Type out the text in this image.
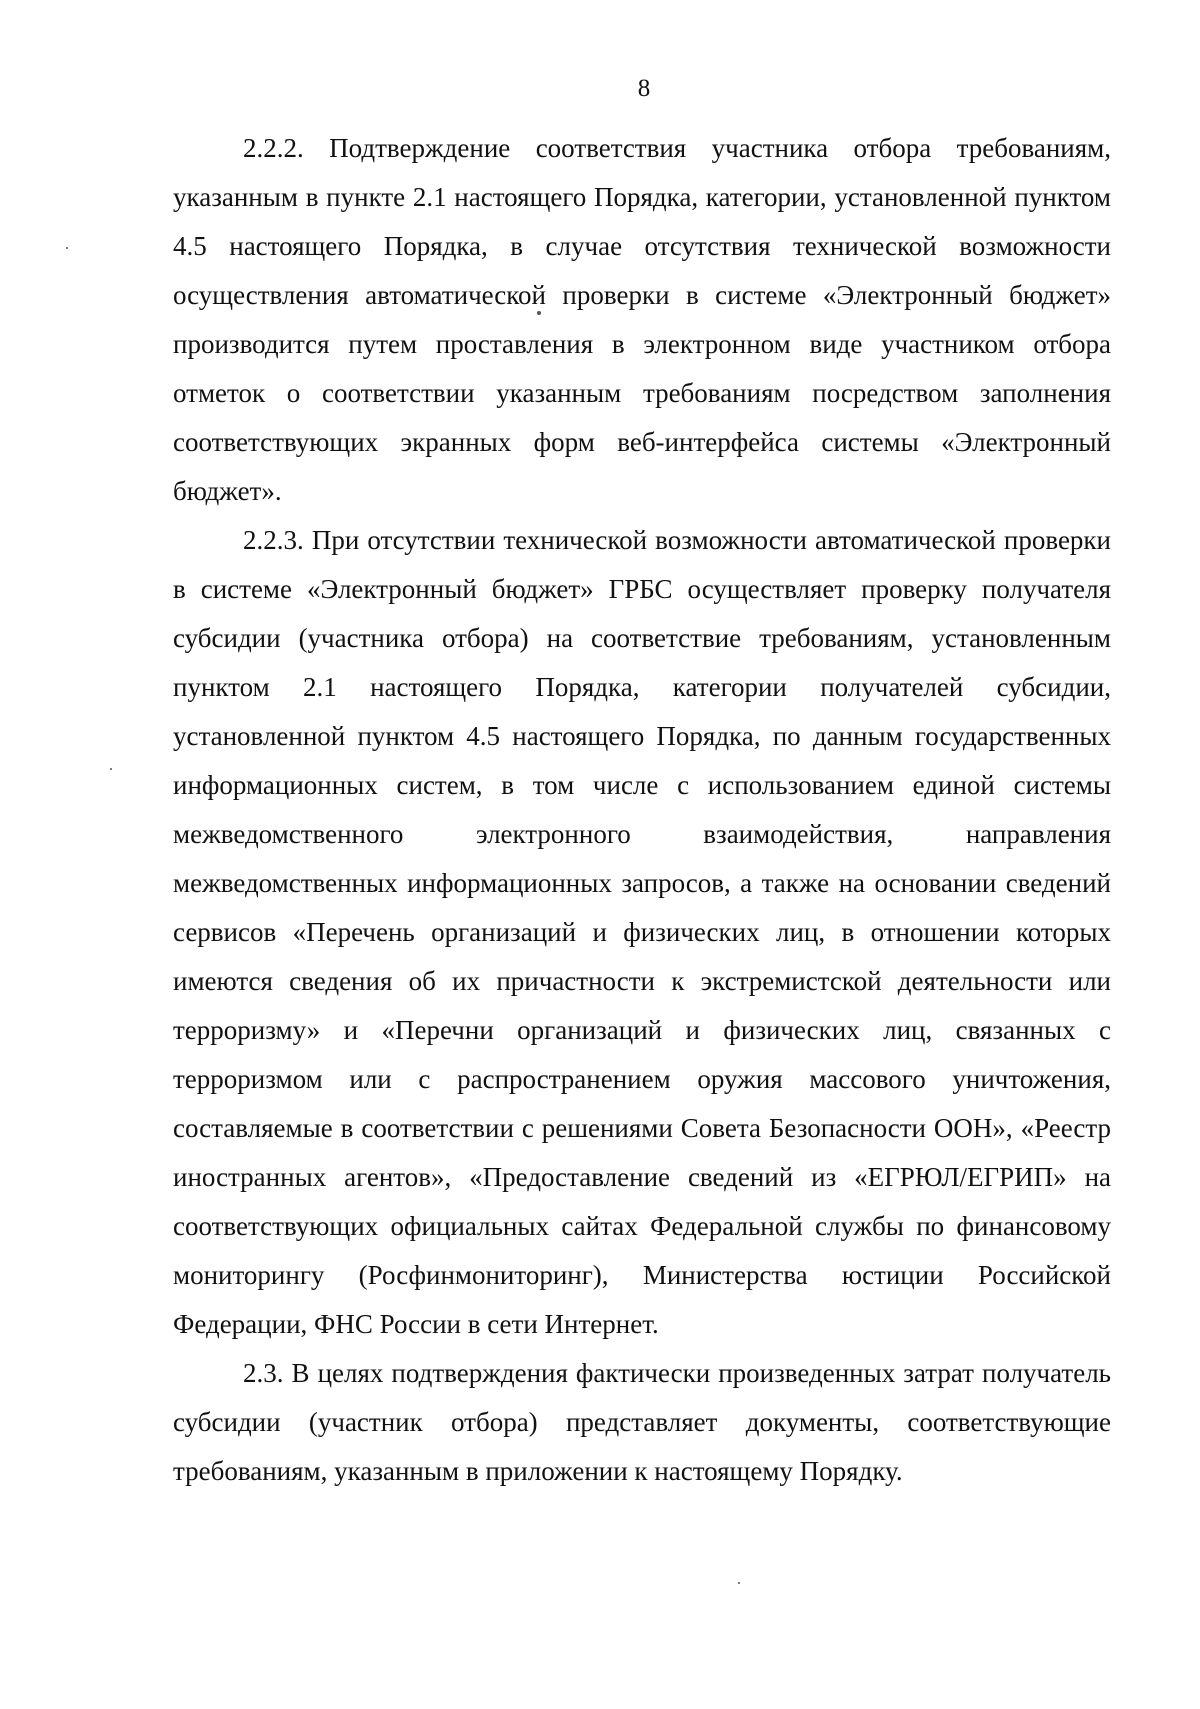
8

2.2.2. Подтверждение соответствия участника отбора требованиям, указанным в пункте 2.1 настоящего Порядка, категории, установленной пунктом 4.5 настоящего Порядка, в случае отсутствия технической возможности осуществления автоматической проверки в системе «Электронный бюджет» производится путем проставления в электронном виде участником отбора отметок о соответствии указанным требованиям посредством заполнения соответствующих экранных форм веб-интерфейса системы «Электронный бюджет».

2.2.3. При отсутствии технической возможности автоматической проверки в системе «Электронный бюджет» ГРБС осуществляет проверку получателя субсидии (участника отбора) на соответствие требованиям, установленным пунктом 2.1 настоящего Порядка, категории получателей субсидии, установленной пунктом 4.5 настоящего Порядка, по данным государственных информационных систем, в том числе с использованием единой системы межведомственного электронного взаимодействия, направления межведомственных информационных запросов, а также на основании сведений сервисов «Перечень организаций и физических лиц, в отношении которых имеются сведения об их причастности к экстремистской деятельности или терроризму» и «Перечни организаций и физических лиц, связанных с терроризмом или с распространением оружия массового уничтожения, составляемые в соответствии с решениями Совета Безопасности ООН», «Реестр иностранных агентов», «Предоставление сведений из «ЕГРЮЛ/ЕГРИП» на соответствующих официальных сайтах Федеральной службы по финансовому мониторингу (Росфинмониторинг), Министерства юстиции Российской Федерации, ФНС России в сети Интернет.

2.3. В целях подтверждения фактически произведенных затрат получатель субсидии (участник отбора) представляет документы, соответствующие требованиям, указанным в приложении к настоящему Порядку.
